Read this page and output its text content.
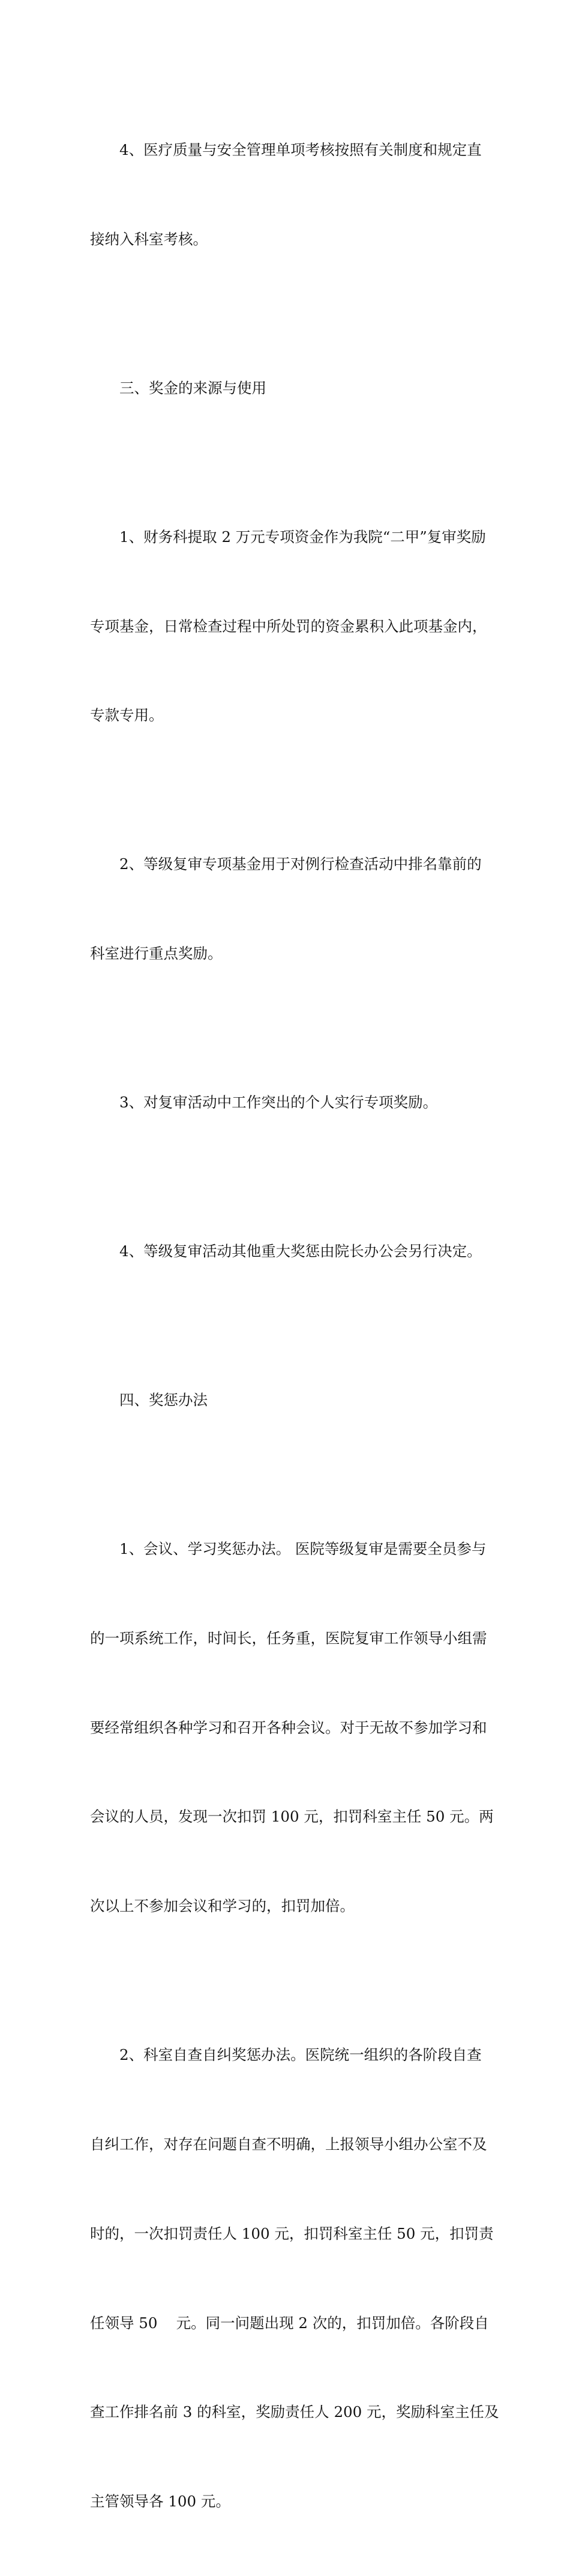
4、医疗质量与安全管理单项考核按照有关制度和规定直

接纳入科室考核。

三、奖金的来源与使用

1、财务科提取 2 万元专项资金作为我院“二甲”复审奖励

专项基金，日常检查过程中所处罚的资金累积入此项基金内，

专款专用。

2、等级复审专项基金用于对例行检查活动中排名靠前的

科室进行重点奖励。

3、对复审活动中工作突出的个人实行专项奖励。

4、等级复审活动其他重大奖惩由院长办公会另行决定。

四、奖惩办法

1、会议、学习奖惩办法。 医院等级复审是需要全员参与

的一项系统工作，时间长，任务重，医院复审工作领导小组需

要经常组织各种学习和召开各种会议。对于无故不参加学习和

会议的人员，发现一次扣罚 100 元，扣罚科室主任 50 元。两

次以上不参加会议和学习的，扣罚加倍。

2、科室自查自纠奖惩办法。医院统一组织的各阶段自查

自纠工作，对存在问题自查不明确，上报领导小组办公室不及

时的，一次扣罚责任人 100 元，扣罚科室主任 50 元，扣罚责

任领导 50    元。同一问题出现 2 次的，扣罚加倍。各阶段自

查工作排名前 3 的科室，奖励责任人 200 元，奖励科室主任及

主管领导各 100 元。
